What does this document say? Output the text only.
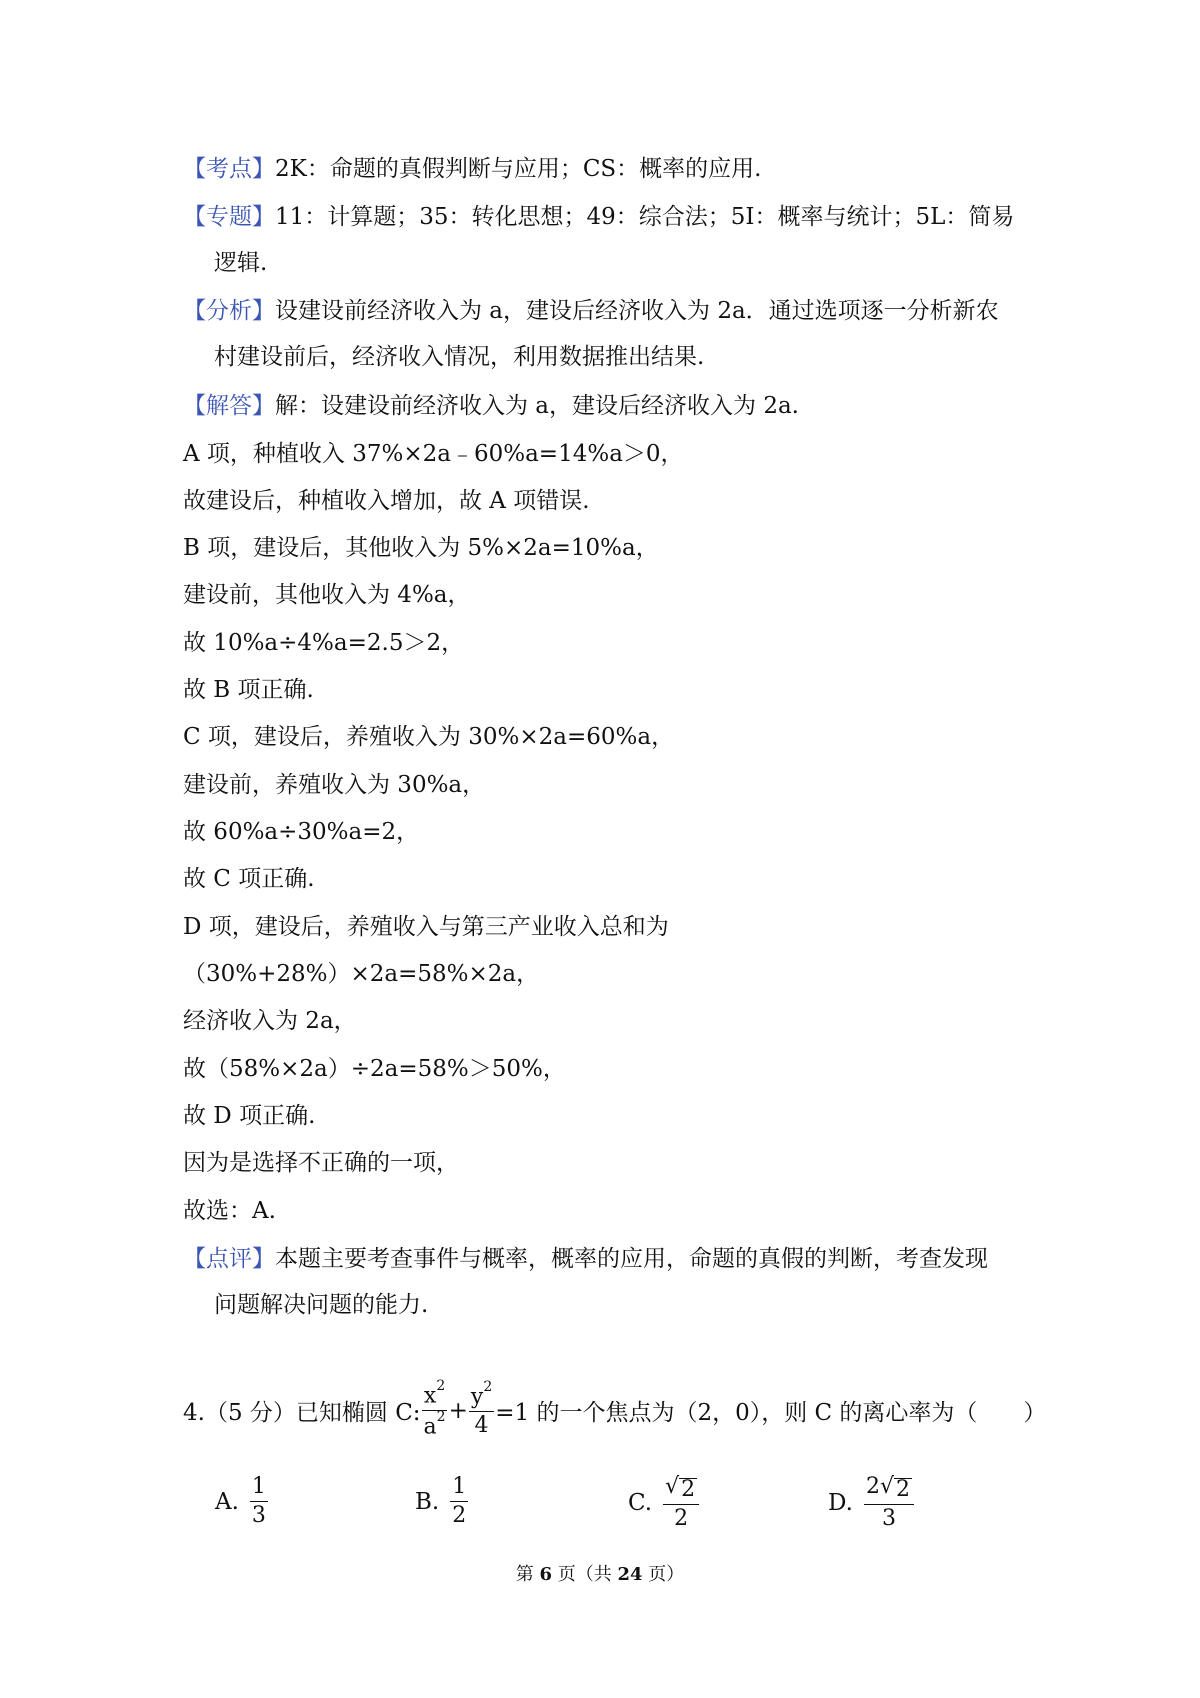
【考点】2K：命题的真假判断与应用；CS：概率的应用.
【专题】11：计算题；35：转化思想；49：综合法；5I：概率与统计；5L：简易
逻辑.
【分析】设建设前经济收入为 a，建设后经济收入为 2a．通过选项逐一分析新农
村建设前后，经济收入情况，利用数据推出结果.
【解答】解：设建设前经济收入为 a，建设后经济收入为 2a.
A 项，种植收入 37%×2a﹣60%a=14%a＞0，
故建设后，种植收入增加，故 A 项错误.
B 项，建设后，其他收入为 5%×2a=10%a，
建设前，其他收入为 4%a，
故 10%a÷4%a=2.5＞2，
故 B 项正确.
C 项，建设后，养殖收入为 30%×2a=60%a，
建设前，养殖收入为 30%a，
故 60%a÷30%a=2，
故 C 项正确.
D 项，建设后，养殖收入与第三产业收入总和为
（30%+28%）×2a=58%×2a，
经济收入为 2a，
故（58%×2a）÷2a=58%＞50%，
故 D 项正确.
因为是选择不正确的一项，
故选：A.
【点评】本题主要考查事件与概率，概率的应用，命题的真假的判断，考查发现
问题解决问题的能力.
4.（5 分）已知椭圆 C: $\frac{x^2}{a^2} + \frac{y^2}{4} =1$ 的一个焦点为（2，0），则 C 的离心率为（　　）
A. $\frac{1}{3}$	B. $\frac{1}{2}$	C. $\frac{√ 2}{2}$	D. $\frac{2 √ 2}{3}$
第 6 页（共 24 页）
